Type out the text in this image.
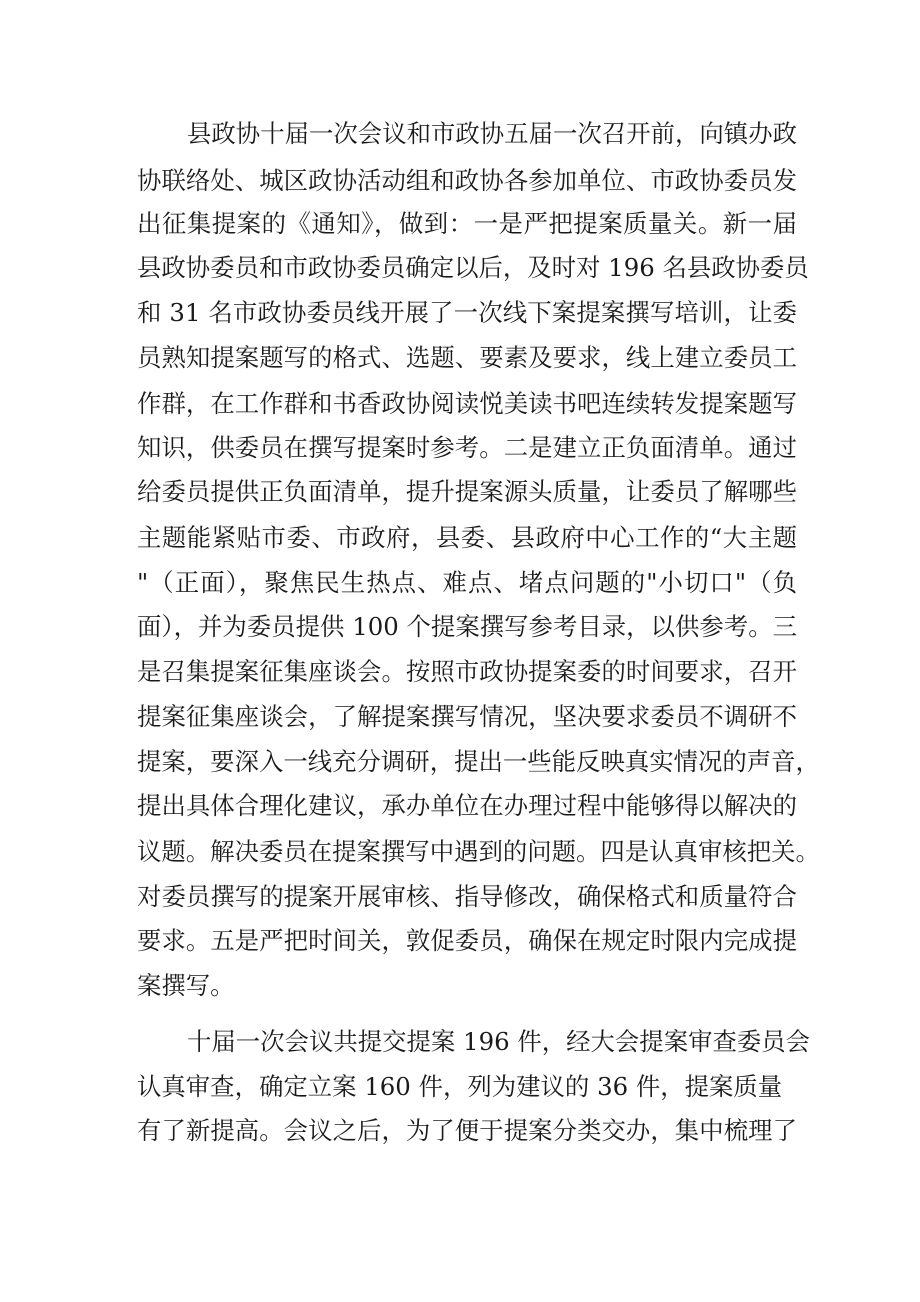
县政协十届一次会议和市政协五届一次召开前，向镇办政
协联络处、城区政协活动组和政协各参加单位、市政协委员发
出征集提案的《通知》，做到：一是严把提案质量关。新一届
县政协委员和市政协委员确定以后，及时对 196 名县政协委员
和 31 名市政协委员线开展了一次线下案提案撰写培训，让委
员熟知提案题写的格式、选题、要素及要求，线上建立委员工
作群，在工作群和书香政协阅读悦美读书吧连续转发提案题写
知识，供委员在撰写提案时参考。二是建立正负面清单。通过
给委员提供正负面清单，提升提案源头质量，让委员了解哪些
主题能紧贴市委、市政府，县委、县政府中心工作的“大主题
"（正面），聚焦民生热点、难点、堵点问题的"小切口"（负
面），并为委员提供 100 个提案撰写参考目录，以供参考。三
是召集提案征集座谈会。按照市政协提案委的时间要求，召开
提案征集座谈会，了解提案撰写情况，坚决要求委员不调研不
提案，要深入一线充分调研，提出一些能反映真实情况的声音，
提出具体合理化建议，承办单位在办理过程中能够得以解决的
议题。解决委员在提案撰写中遇到的问题。四是认真审核把关。
对委员撰写的提案开展审核、指导修改，确保格式和质量符合
要求。五是严把时间关，敦促委员，确保在规定时限内完成提
案撰写。
十届一次会议共提交提案 196 件，经大会提案审查委员会
认真审查，确定立案 160 件，列为建议的 36 件，提案质量
有了新提高。会议之后，为了便于提案分类交办，集中梳理了
